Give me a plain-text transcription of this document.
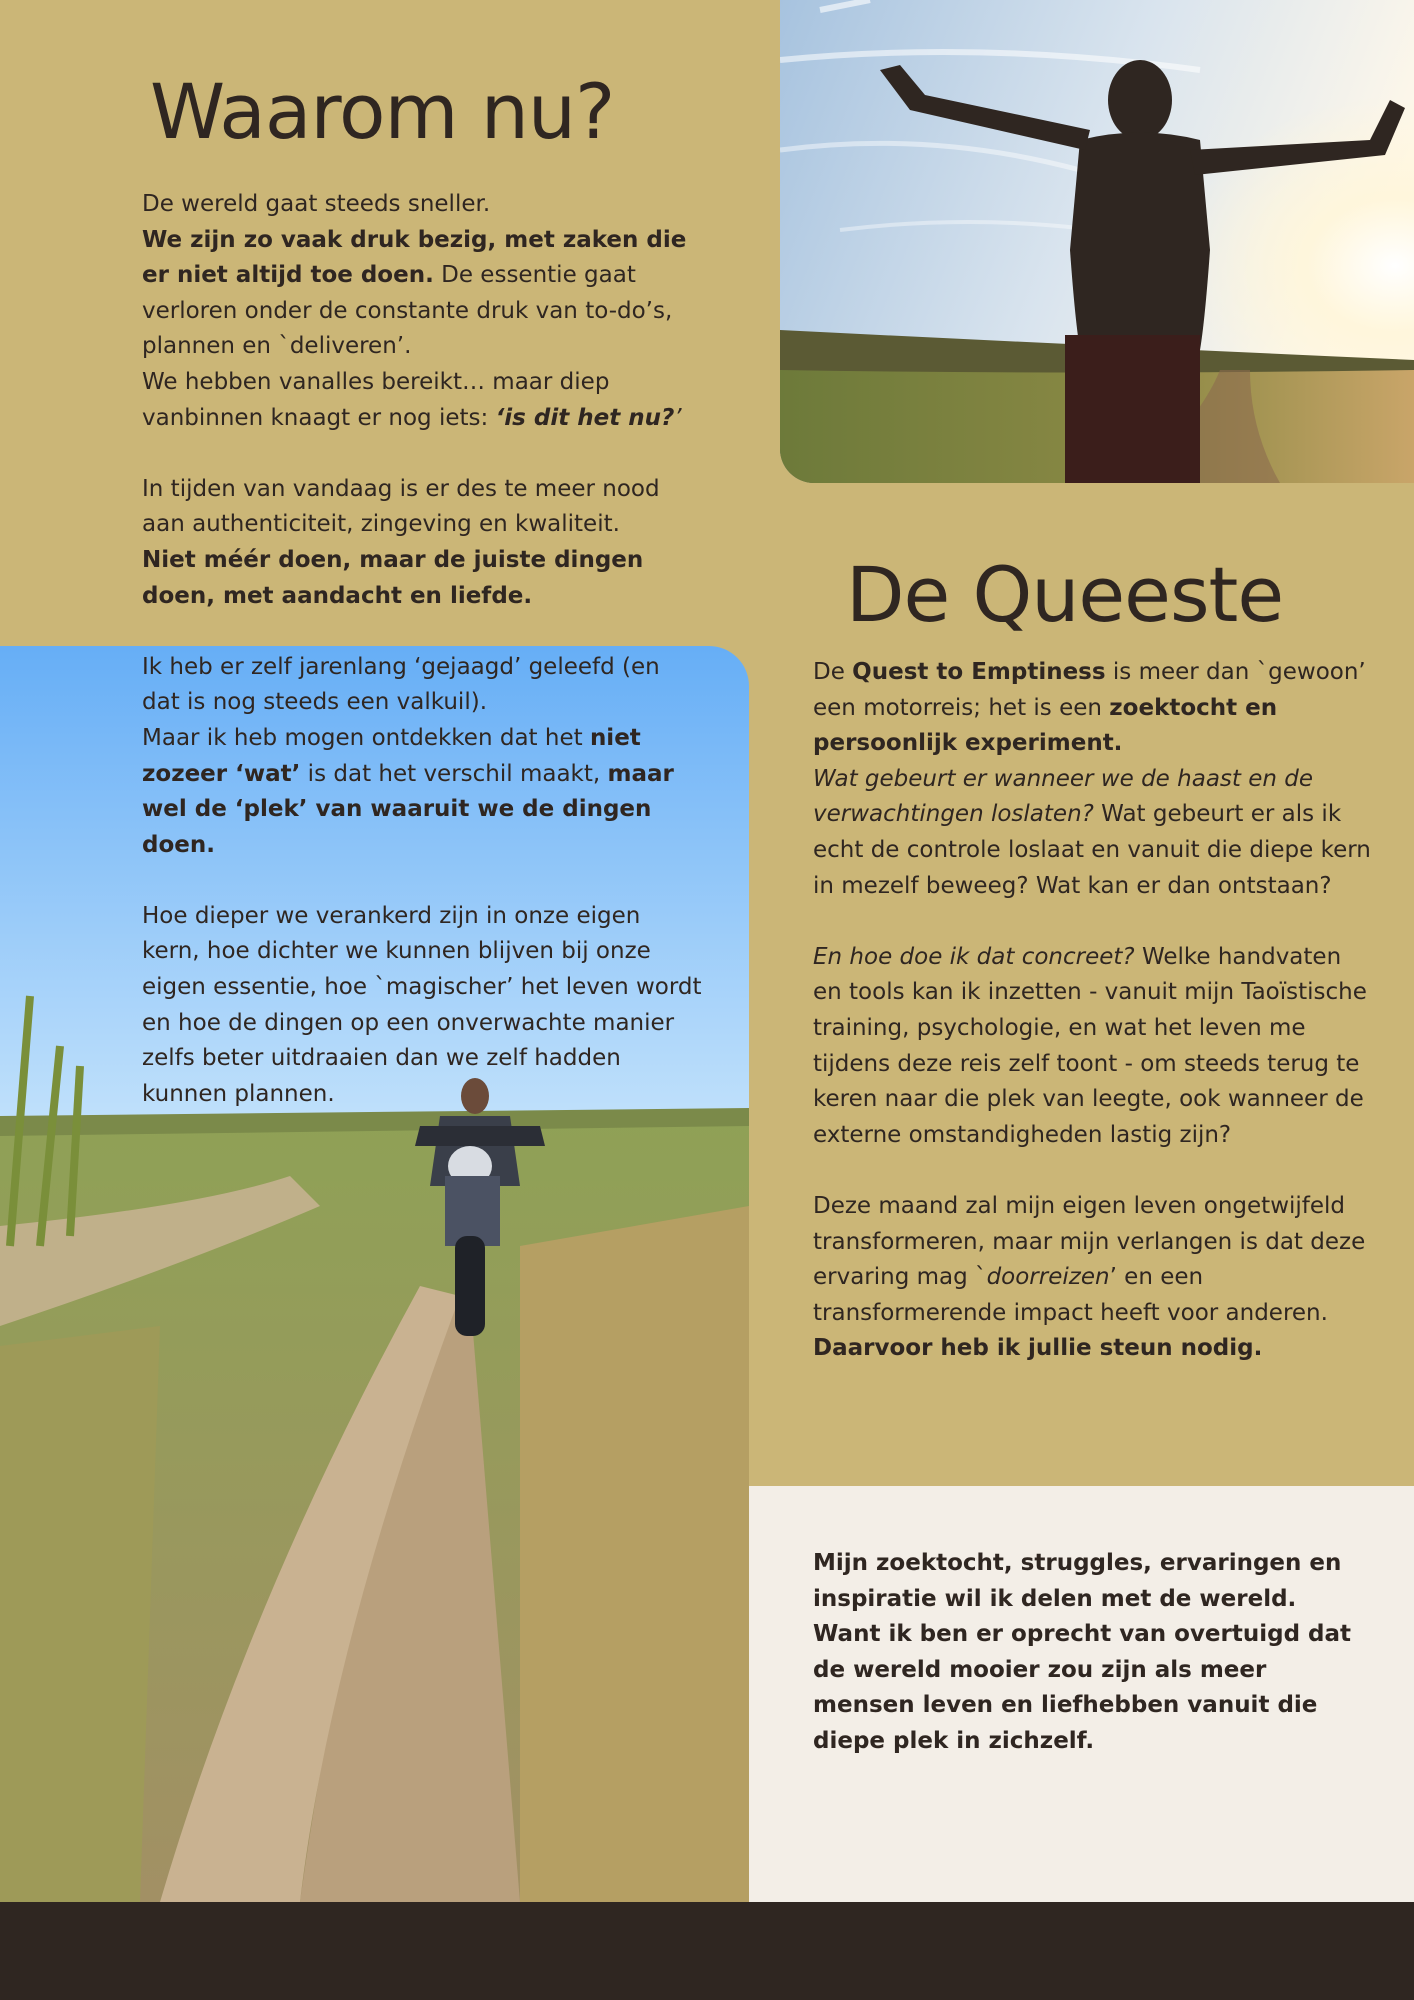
Waarom nu?

De wereld gaat steeds sneller.
We zijn zo vaak druk bezig, met zaken die er niet altijd toe doen. De essentie gaat verloren onder de constante druk van to-do’s, plannen en `deliveren’.
We hebben vanalles bereikt… maar diep vanbinnen knaagt er nog iets: ‘is dit het nu?’

In tijden van vandaag is er des te meer nood aan authenticiteit, zingeving en kwaliteit.
Niet méér doen, maar de juiste dingen doen, met aandacht en liefde.

Ik heb er zelf jarenlang ‘gejaagd’ geleefd (en dat is nog steeds een valkuil).
Maar ik heb mogen ontdekken dat het niet zozeer ‘wat’ is dat het verschil maakt, maar wel de ‘plek’ van waaruit we de dingen doen.

Hoe dieper we verankerd zijn in onze eigen kern, hoe dichter we kunnen blijven bij onze eigen essentie, hoe `magischer’ het leven wordt en hoe de dingen op een onverwachte manier zelfs beter uitdraaien dan we zelf hadden kunnen plannen.

De Queeste

De Quest to Emptiness is meer dan `gewoon’ een motorreis; het is een zoektocht en persoonlijk experiment.
Wat gebeurt er wanneer we de haast en de verwachtingen loslaten? Wat gebeurt er als ik echt de controle loslaat en vanuit die diepe kern in mezelf beweeg? Wat kan er dan ontstaan?

En hoe doe ik dat concreet? Welke handvaten en tools kan ik inzetten - vanuit mijn Taoïstische training, psychologie, en wat het leven me tijdens deze reis zelf toont - om steeds terug te keren naar die plek van leegte, ook wanneer de externe omstandigheden lastig zijn?

Deze maand zal mijn eigen leven ongetwijfeld transformeren, maar mijn verlangen is dat deze ervaring mag `doorreizen’ en een transformerende impact heeft voor anderen.
Daarvoor heb ik jullie steun nodig.

Mijn zoektocht, struggles, ervaringen en inspiratie wil ik delen met de wereld.

Want ik ben er oprecht van overtuigd dat de wereld mooier zou zijn als meer mensen leven en liefhebben vanuit die diepe plek in zichzelf.
